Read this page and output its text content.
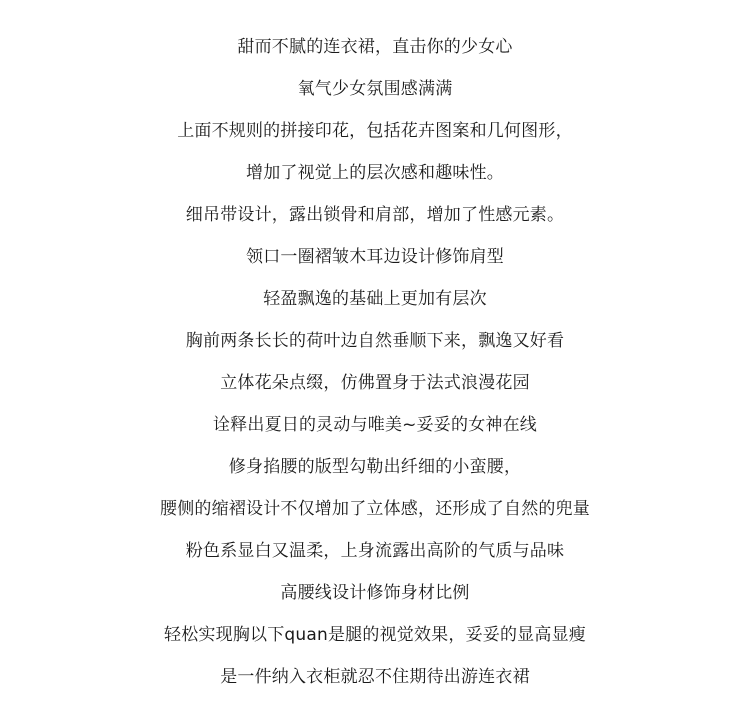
甜而不腻的连衣裙，直击你的少女心
氧气少女氛围感满满
上面不规则的拼接印花，包括花卉图案和几何图形，
增加了视觉上的层次感和趣味性。
细吊带设计，露出锁骨和肩部，增加了性感元素。
领口一圈褶皱木耳边设计修饰肩型
轻盈飘逸的基础上更加有层次
胸前两条长长的荷叶边自然垂顺下来，飘逸又好看
立体花朵点缀，仿佛置身于法式浪漫花园
诠释出夏日的灵动与唯美~妥妥的女神在线
修身掐腰的版型勾勒出纤细的小蛮腰，
腰侧的缩褶设计不仅增加了立体感，还形成了自然的兜量
粉色系显白又温柔，上身流露出高阶的气质与品味
高腰线设计修饰身材比例
轻松实现胸以下quan是腿的视觉效果，妥妥的显高显瘦
是一件纳入衣柜就忍不住期待出游连衣裙
